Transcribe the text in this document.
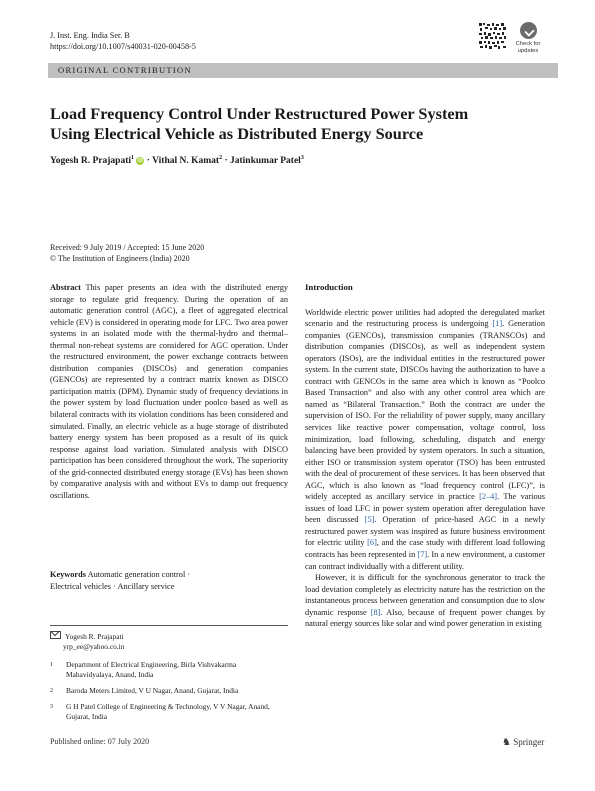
J. Inst. Eng. India Ser. B
https://doi.org/10.1007/s40031-020-00458-5	Check for
updates
ORIGINAL CONTRIBUTION
Load Frequency Control Under Restructured Power System
Using Electrical Vehicle as Distributed Energy Source
Yogesh R. Prajapati$^1$ iD · Vithal N. Kamat$^2$ · Jatinkumar Patel$^3$
Received: 9 July 2019 / Accepted: 15 June 2020
© The Institution of Engineers (India) 2020
Abstract This paper presents an idea with the distributed energy storage to regulate grid frequency. During the operation of an automatic generation control (AGC), a fleet of aggregated electrical vehicle (EV) is considered in operating mode for LFC. Two area power systems in an isolated mode with the thermal-hydro and thermal–thermal non-reheat systems are considered for AGC operation. Under the restructured environment, the power exchange contracts between distribution companies (DISCOs) and generation companies (GENCOs) are represented by a contract matrix known as DISCO participation matrix (DPM). Dynamic study of frequency deviations in the power system by load fluctuation under poolco based as well as bilateral contracts with its violation conditions has been considered and simulated. Finally, an electric vehicle as a huge storage of distributed battery energy system has been proposed as a result of its quick response against load variation. Simulated analysis with DISCO participation has been considered throughout the work. The superiority of the grid-connected distributed energy storage (EVs) has been shown by comparative analysis with and without EVs to damp out frequency oscillations.
Keywords Automatic generation control ·
Electrical vehicles · Ancillary service
Yogesh R. Prajapati
yrp_ee@yahoo.co.in
1 Department of Electrical Engineering, Birla Vishvakarma Mahavidyalaya, Anand, India
2 Baroda Meters Limited, V U Nagar, Anand, Gujarat, India
3 G H Patel College of Engineering & Technology, V V Nagar, Anand, Gujarat, India
Introduction
Worldwide electric power utilities had adopted the deregulated market scenario and the restructuring process is undergoing [1]. Generation companies (GENCOs), transmission companies (TRANSCOs) and distribution companies (DISCOs), as well as independent system operators (ISOs), are the individual entities in the restructured power system. In the current state, DISCOs having the authorization to have a contract with GENCOs in the same area which is known as “Poolco Based Transaction” and also with any other control area which are named as “Bilateral Transaction.” Both the contract are under the supervision of ISO. For the reliability of power supply, many ancillary services like reactive power compensation, voltage control, loss minimization, load following, scheduling, dispatch and energy balancing have been provided by system operators. In such a situation, either ISO or transmission system operator (TSO) has been entrusted with the deal of procurement of these services. It has been observed that AGC, which is also known as “load frequency control (LFC)”, is widely accepted as ancillary service in practice [2–4]. The various issues of load LFC in power system operation after deregulation have been discussed [5]. Operation of price-based AGC in a newly restructured power system was inspired as future business environment for electric utility [6], and the case study with different load following contracts has been represented in [7]. In a new environment, a customer can contract individually with a different utility.
However, it is difficult for the synchronous generator to track the load deviation completely as electricity nature has the restriction on the instantaneous process between generation and consumption due to slow dynamic response [8]. Also, because of frequent power changes by natural energy sources like solar and wind power generation in existing
Published online: 07 July 2020	♞ Springer
